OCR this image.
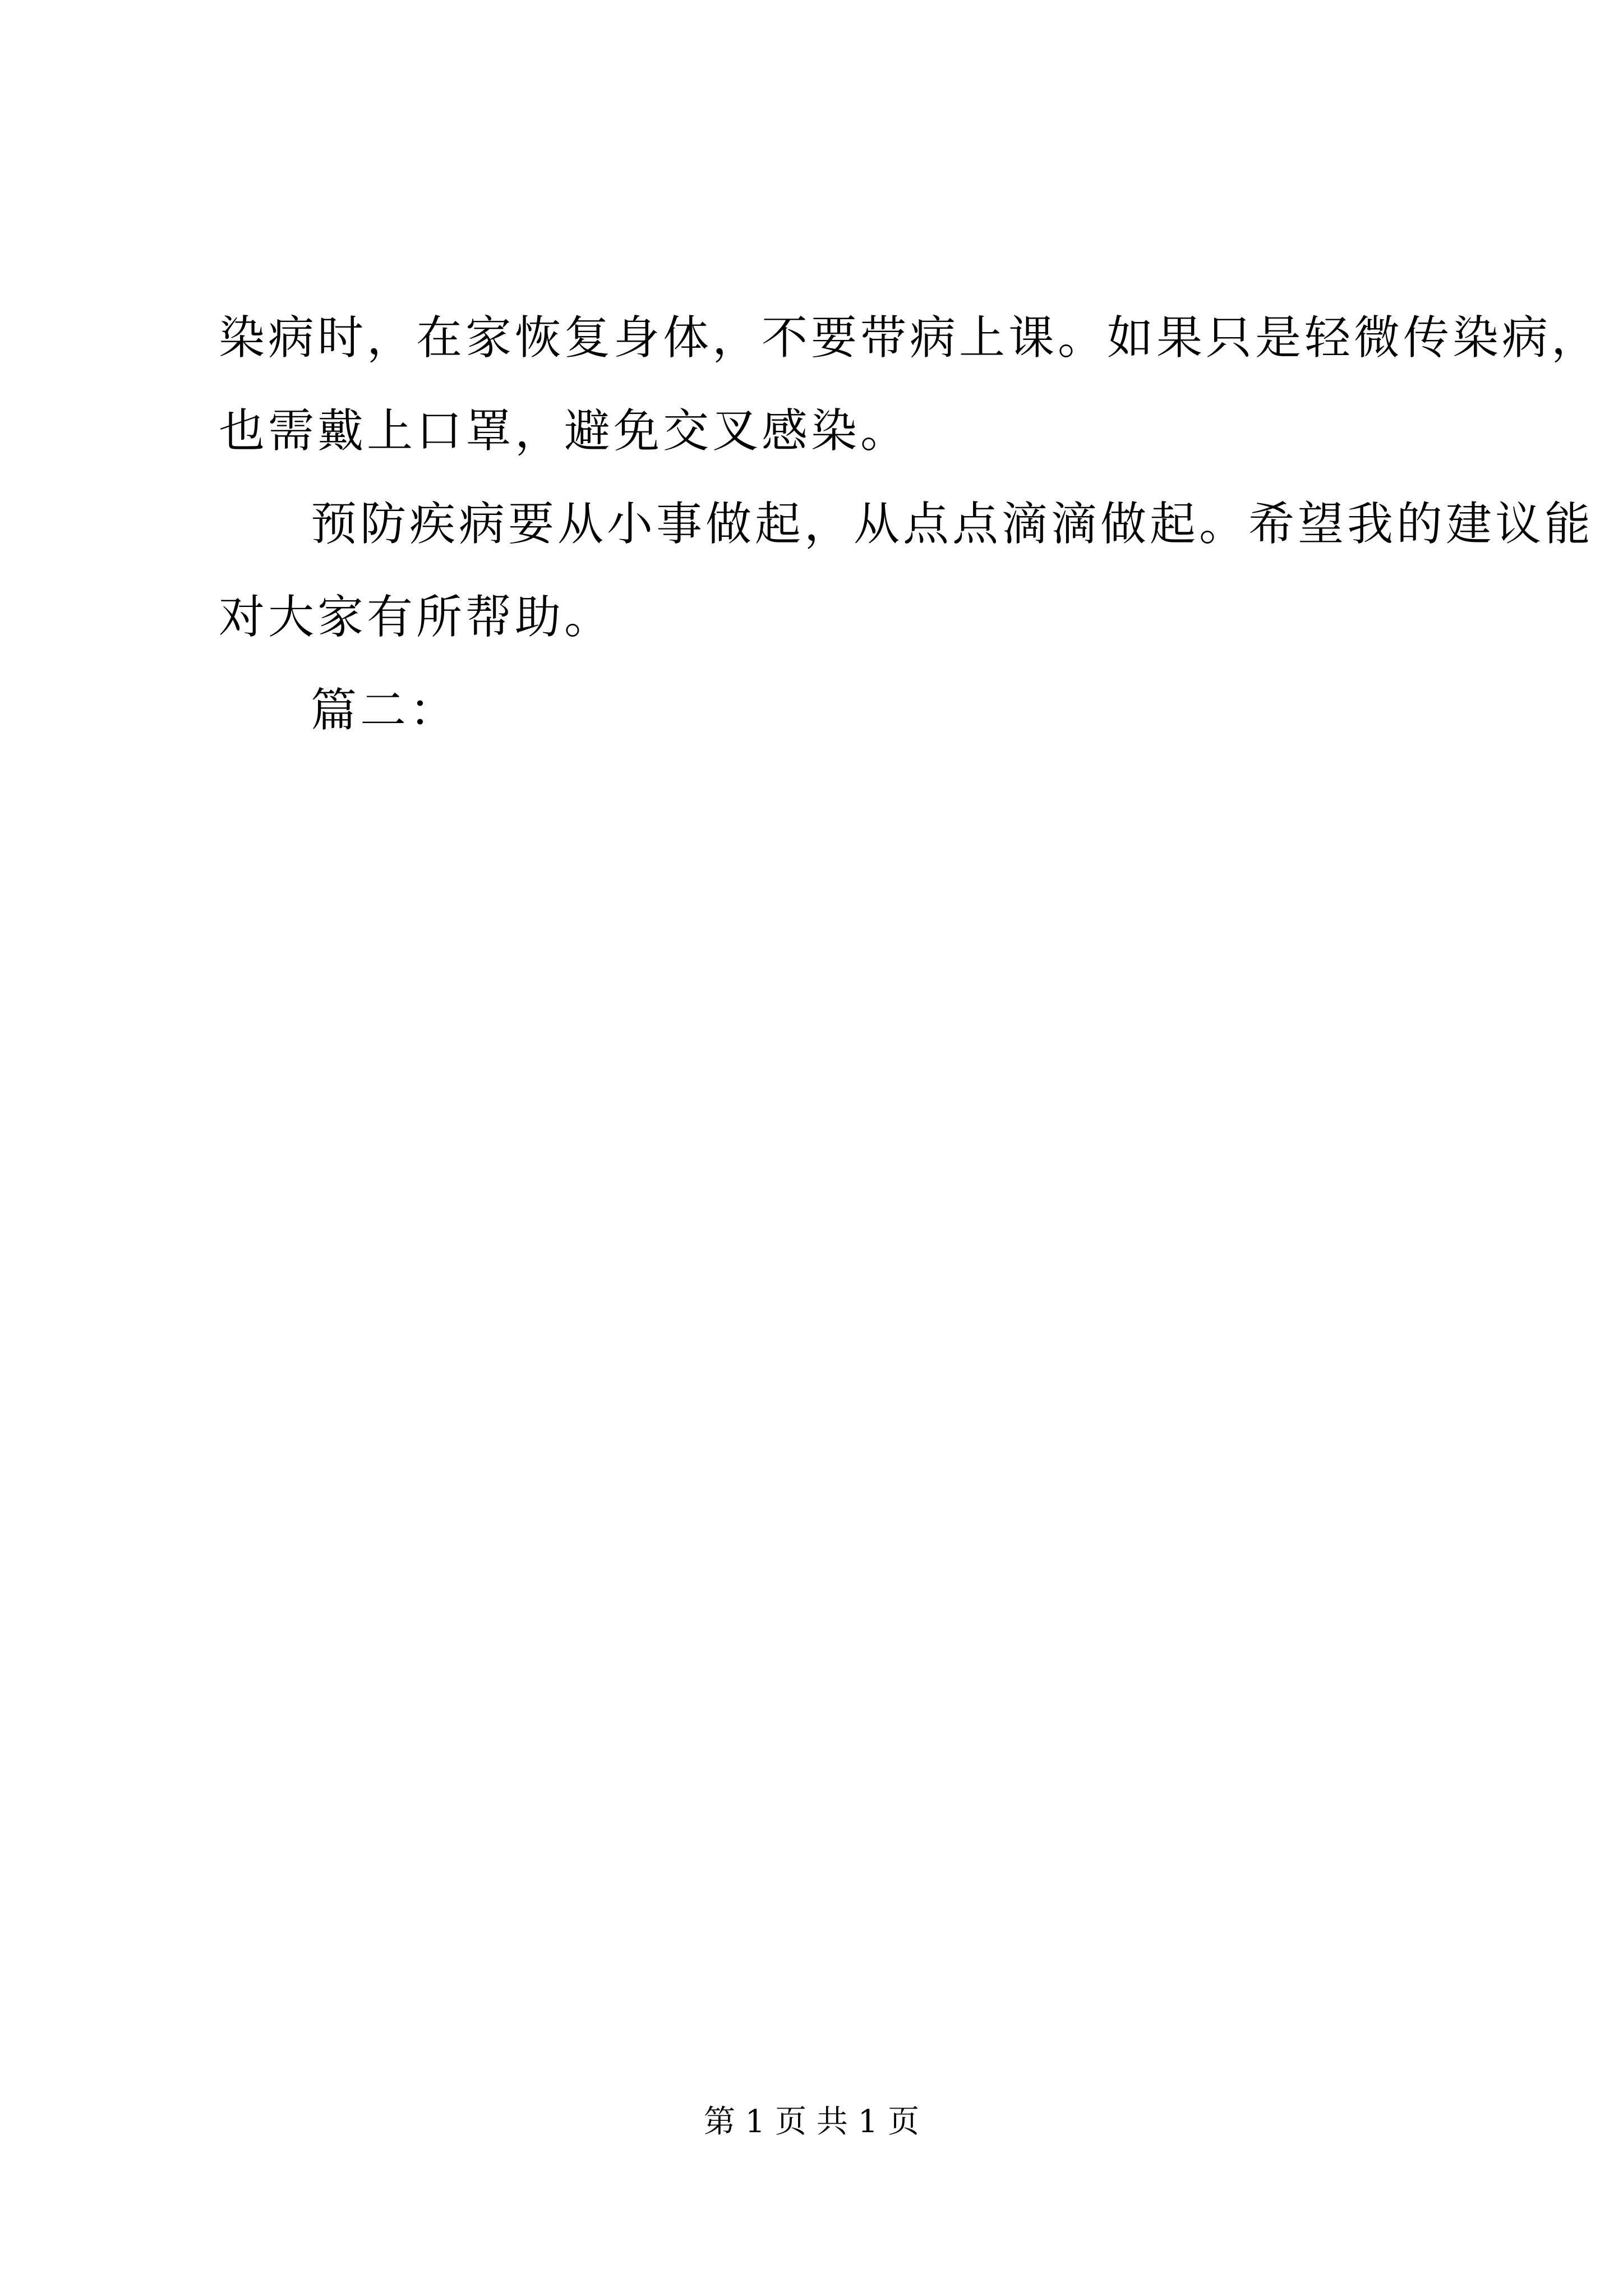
染病时，在家恢复身体，不要带病上课。如果只是轻微传染病，
也需戴上口罩，避免交叉感染。
预防疾病要从小事做起，从点点滴滴做起。希望我的建议能
对大家有所帮助。
篇二：
第 1 页 共 1 页
